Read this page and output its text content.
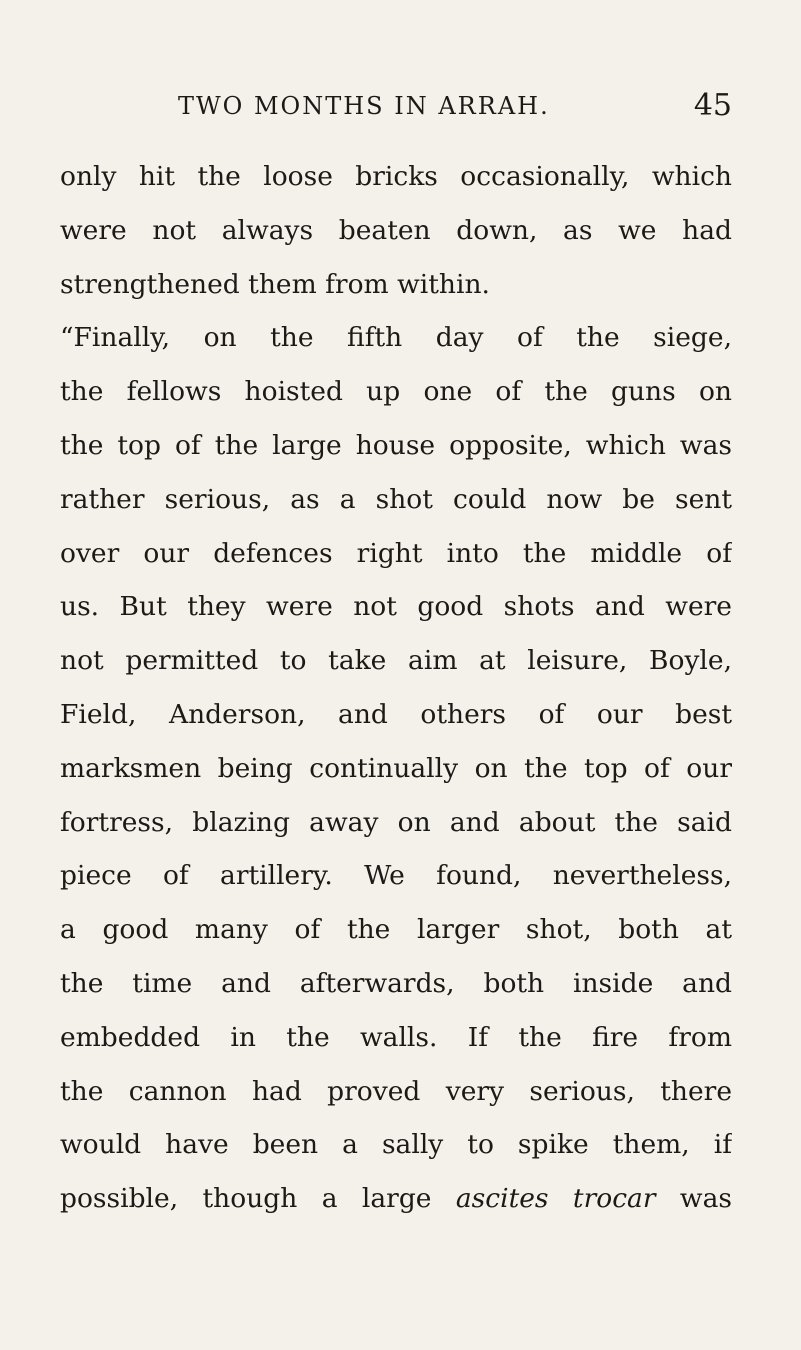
TWO MONTHS IN ARRAH.	45
only hit the loose bricks occasionally, which
were not always beaten down, as we had
strengthened them from within.
“Finally, on the fifth day of the siege,
the fellows hoisted up one of the guns on
the top of the large house opposite, which was
rather serious, as a shot could now be sent
over our defences right into the middle of
us. But they were not good shots and were
not permitted to take aim at leisure, Boyle,
Field, Anderson, and others of our best
marksmen being continually on the top of our
fortress, blazing away on and about the said
piece of artillery. We found, nevertheless,
a good many of the larger shot, both at
the time and afterwards, both inside and
embedded in the walls. If the fire from
the cannon had proved very serious, there
would have been a sally to spike them, if
possible, though a large ascites trocar was
